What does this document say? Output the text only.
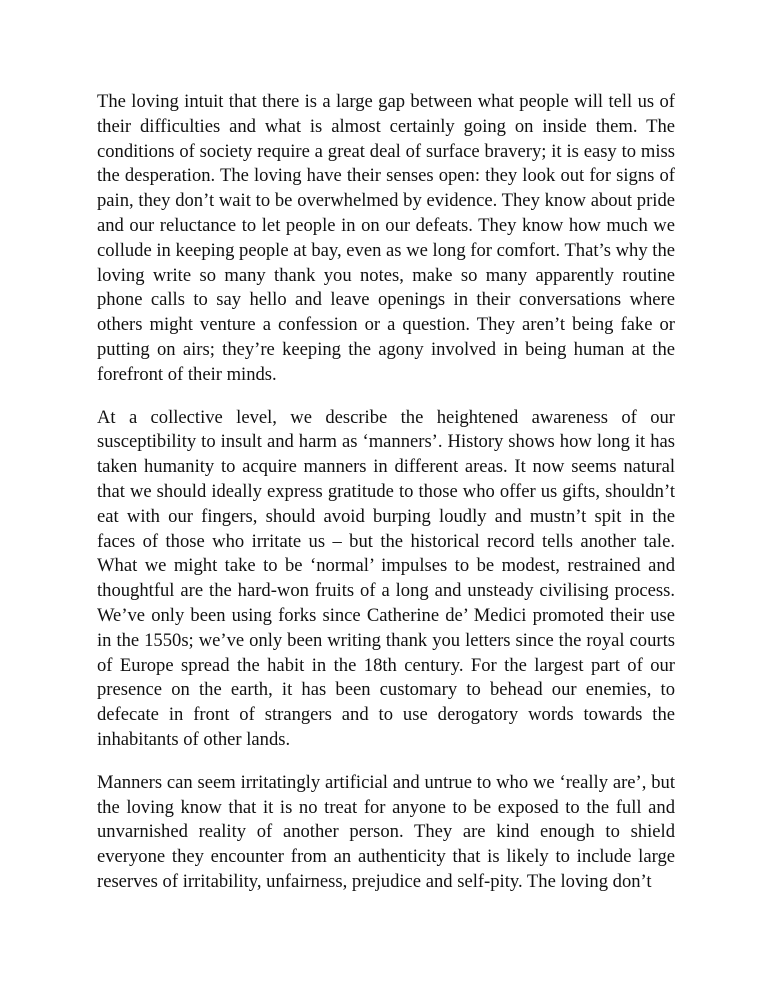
The loving intuit that there is a large gap between what people will tell us of their difficulties and what is almost certainly going on inside them. The conditions of society require a great deal of surface bravery; it is easy to miss the desperation. The loving have their senses open: they look out for signs of pain, they don’t wait to be overwhelmed by evidence. They know about pride and our reluctance to let people in on our defeats. They know how much we collude in keeping people at bay, even as we long for comfort. That’s why the loving write so many thank you notes, make so many apparently routine phone calls to say hello and leave openings in their conversations where others might venture a confession or a question. They aren’t being fake or putting on airs; they’re keeping the agony involved in being human at the forefront of their minds.

At a collective level, we describe the heightened awareness of our susceptibility to insult and harm as ‘manners’. History shows how long it has taken humanity to acquire manners in different areas. It now seems natural that we should ideally express gratitude to those who offer us gifts, shouldn’t eat with our fingers, should avoid burping loudly and mustn’t spit in the faces of those who irritate us – but the historical record tells another tale. What we might take to be ‘normal’ impulses to be modest, restrained and thoughtful are the hard-won fruits of a long and unsteady civilising process. We’ve only been using forks since Catherine de’ Medici promoted their use in the 1550s; we’ve only been writing thank you letters since the royal courts of Europe spread the habit in the 18th century. For the largest part of our presence on the earth, it has been customary to behead our enemies, to defecate in front of strangers and to use derogatory words towards the inhabitants of other lands.

Manners can seem irritatingly artificial and untrue to who we ‘really are’, but the loving know that it is no treat for anyone to be exposed to the full and unvarnished reality of another person. They are kind enough to shield everyone they encounter from an authenticity that is likely to include large reserves of irritability, unfairness, prejudice and self-pity. The loving don’t
